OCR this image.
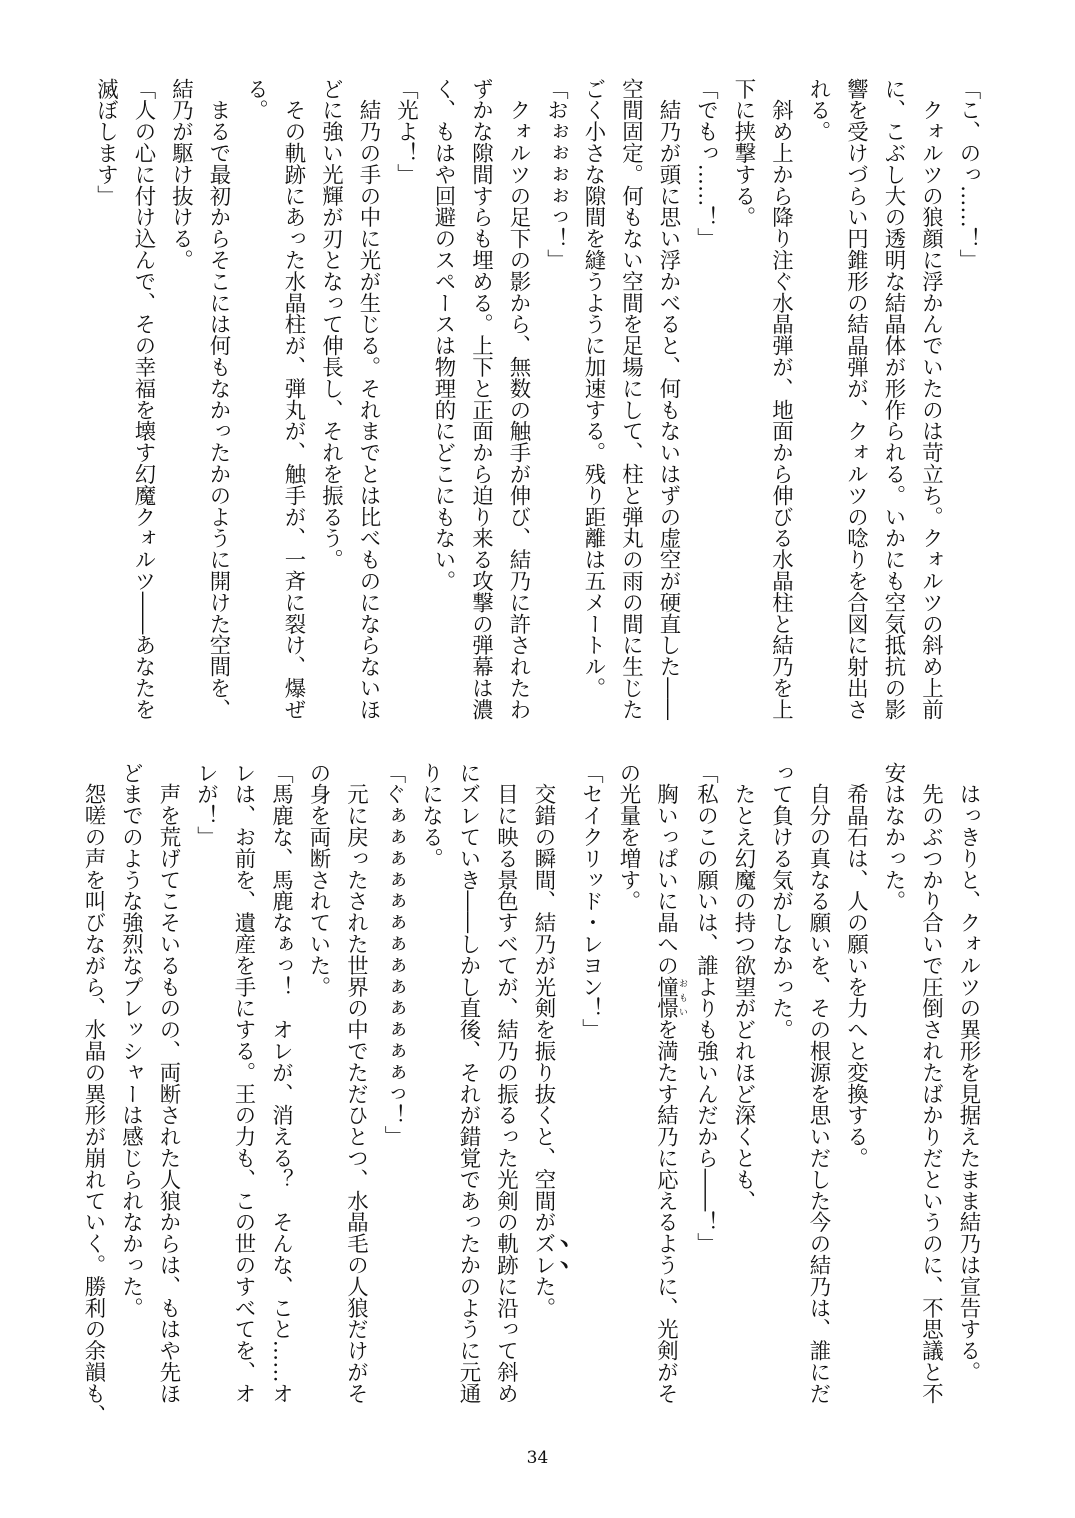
「こ、のっ……！」
　クォルツの狼顔に浮かんでいたのは苛立ち。クォルツの斜め上前
に、こぶし大の透明な結晶体が形作られる。いかにも空気抵抗の影
響を受けづらい円錐形の結晶弾が、クォルツの唸りを合図に射出さ
れる。
　斜め上から降り注ぐ水晶弾が、地面から伸びる水晶柱と結乃を上
下に挟撃する。
「でもっ……！」
　結乃が頭に思い浮かべると、何もないはずの虚空が硬直した――
空間固定。何もない空間を足場にして、柱と弾丸の雨の間に生じた
ごく小さな隙間を縫うように加速する。残り距離は五メートル。
「おぉぉぉぉっ！」
　クォルツの足下の影から、無数の触手が伸び、結乃に許されたわ
ずかな隙間すらも埋める。上下と正面から迫り来る攻撃の弾幕は濃
く、もはや回避のスペースは物理的にどこにもない。
「光よ！」
　結乃の手の中に光が生じる。それまでとは比べものにならないほ
どに強い光輝が刃となって伸長し、それを振るう。
　その軌跡にあった水晶柱が、弾丸が、触手が、一斉に裂け、爆ぜ
る。
　まるで最初からそこには何もなかったかのように開けた空間を、
結乃が駆け抜ける。
「人の心に付け込んで、その幸福を壊す幻魔クォルツ――あなたを
滅ぼします」
　はっきりと、クォルツの異形を見据えたまま結乃は宣告する。
　先のぶつかり合いで圧倒されたばかりだというのに、不思議と不
安はなかった。
　希晶石は、人の願いを力へと変換する。
　自分の真なる願いを、その根源を思いだした今の結乃は、誰にだ
って負ける気がしなかった。
　たとえ幻魔の持つ欲望がどれほど深くとも、
「私のこの願いは、誰よりも強いんだから――！」
　胸いっぱいに晶への憧憬おもいを満たす結乃に応えるように、光剣がそ
の光量を増す。
「セイクリッド・レヨン！」
　交錯の瞬間、結乃が光剣を振り抜くと、空間がズレた。
　目に映る景色すべてが、結乃の振るった光剣の軌跡に沿って斜め
にズレていき――しかし直後、それが錯覚であったかのように元通
りになる。
「ぐぁぁぁぁぁぁぁぁぁぁぁぁぁっ！」
　元に戻ったされた世界の中でただひとつ、水晶毛の人狼だけがそ
の身を両断されていた。
「馬鹿な、馬鹿なぁっ！　オレが、消える？　そんな、こと……オ
レは、お前を、遺産を手にする。王の力も、この世のすべてを、オ
レが！」
　声を荒げてこそいるものの、両断された人狼からは、もはや先ほ
どまでのような強烈なプレッシャーは感じられなかった。
　怨嗟の声を叫びながら、水晶の異形が崩れていく。勝利の余韻も、
34
